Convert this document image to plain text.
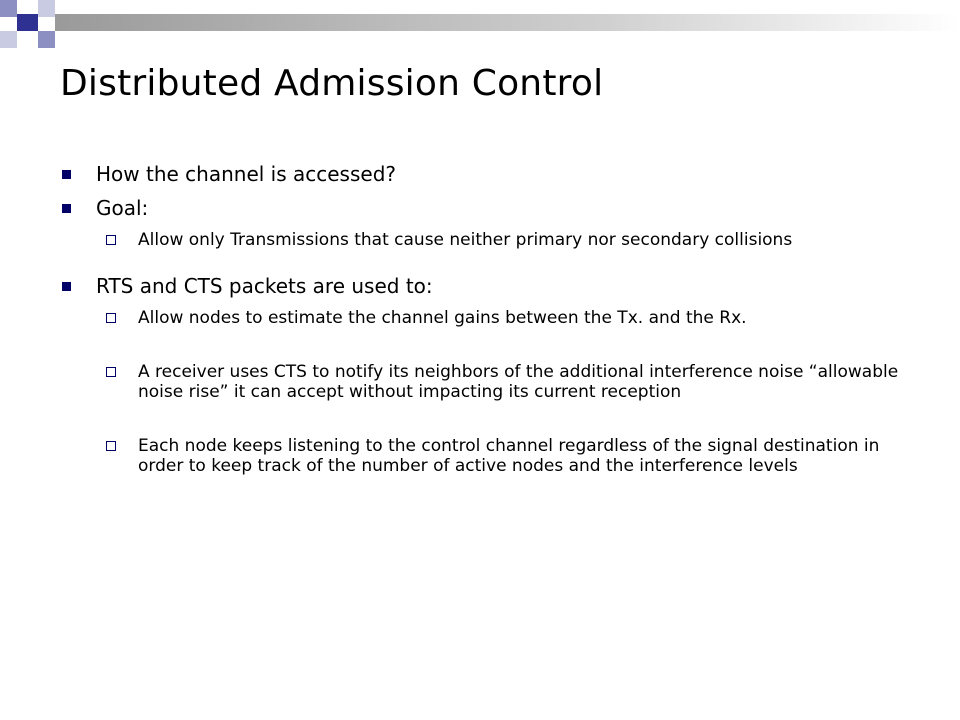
Distributed Admission Control
How the channel is accessed?
Goal:
Allow only Transmissions that cause neither primary nor secondary collisions
RTS and CTS packets are used to:
Allow nodes to estimate the channel gains between the Tx. and the Rx.
A receiver uses CTS to notify its neighbors of the additional interference noise “allowable noise rise” it can accept without impacting its current reception
Each node keeps listening to the control channel regardless of the signal destination in order to keep track of the number of active nodes and the interference levels
